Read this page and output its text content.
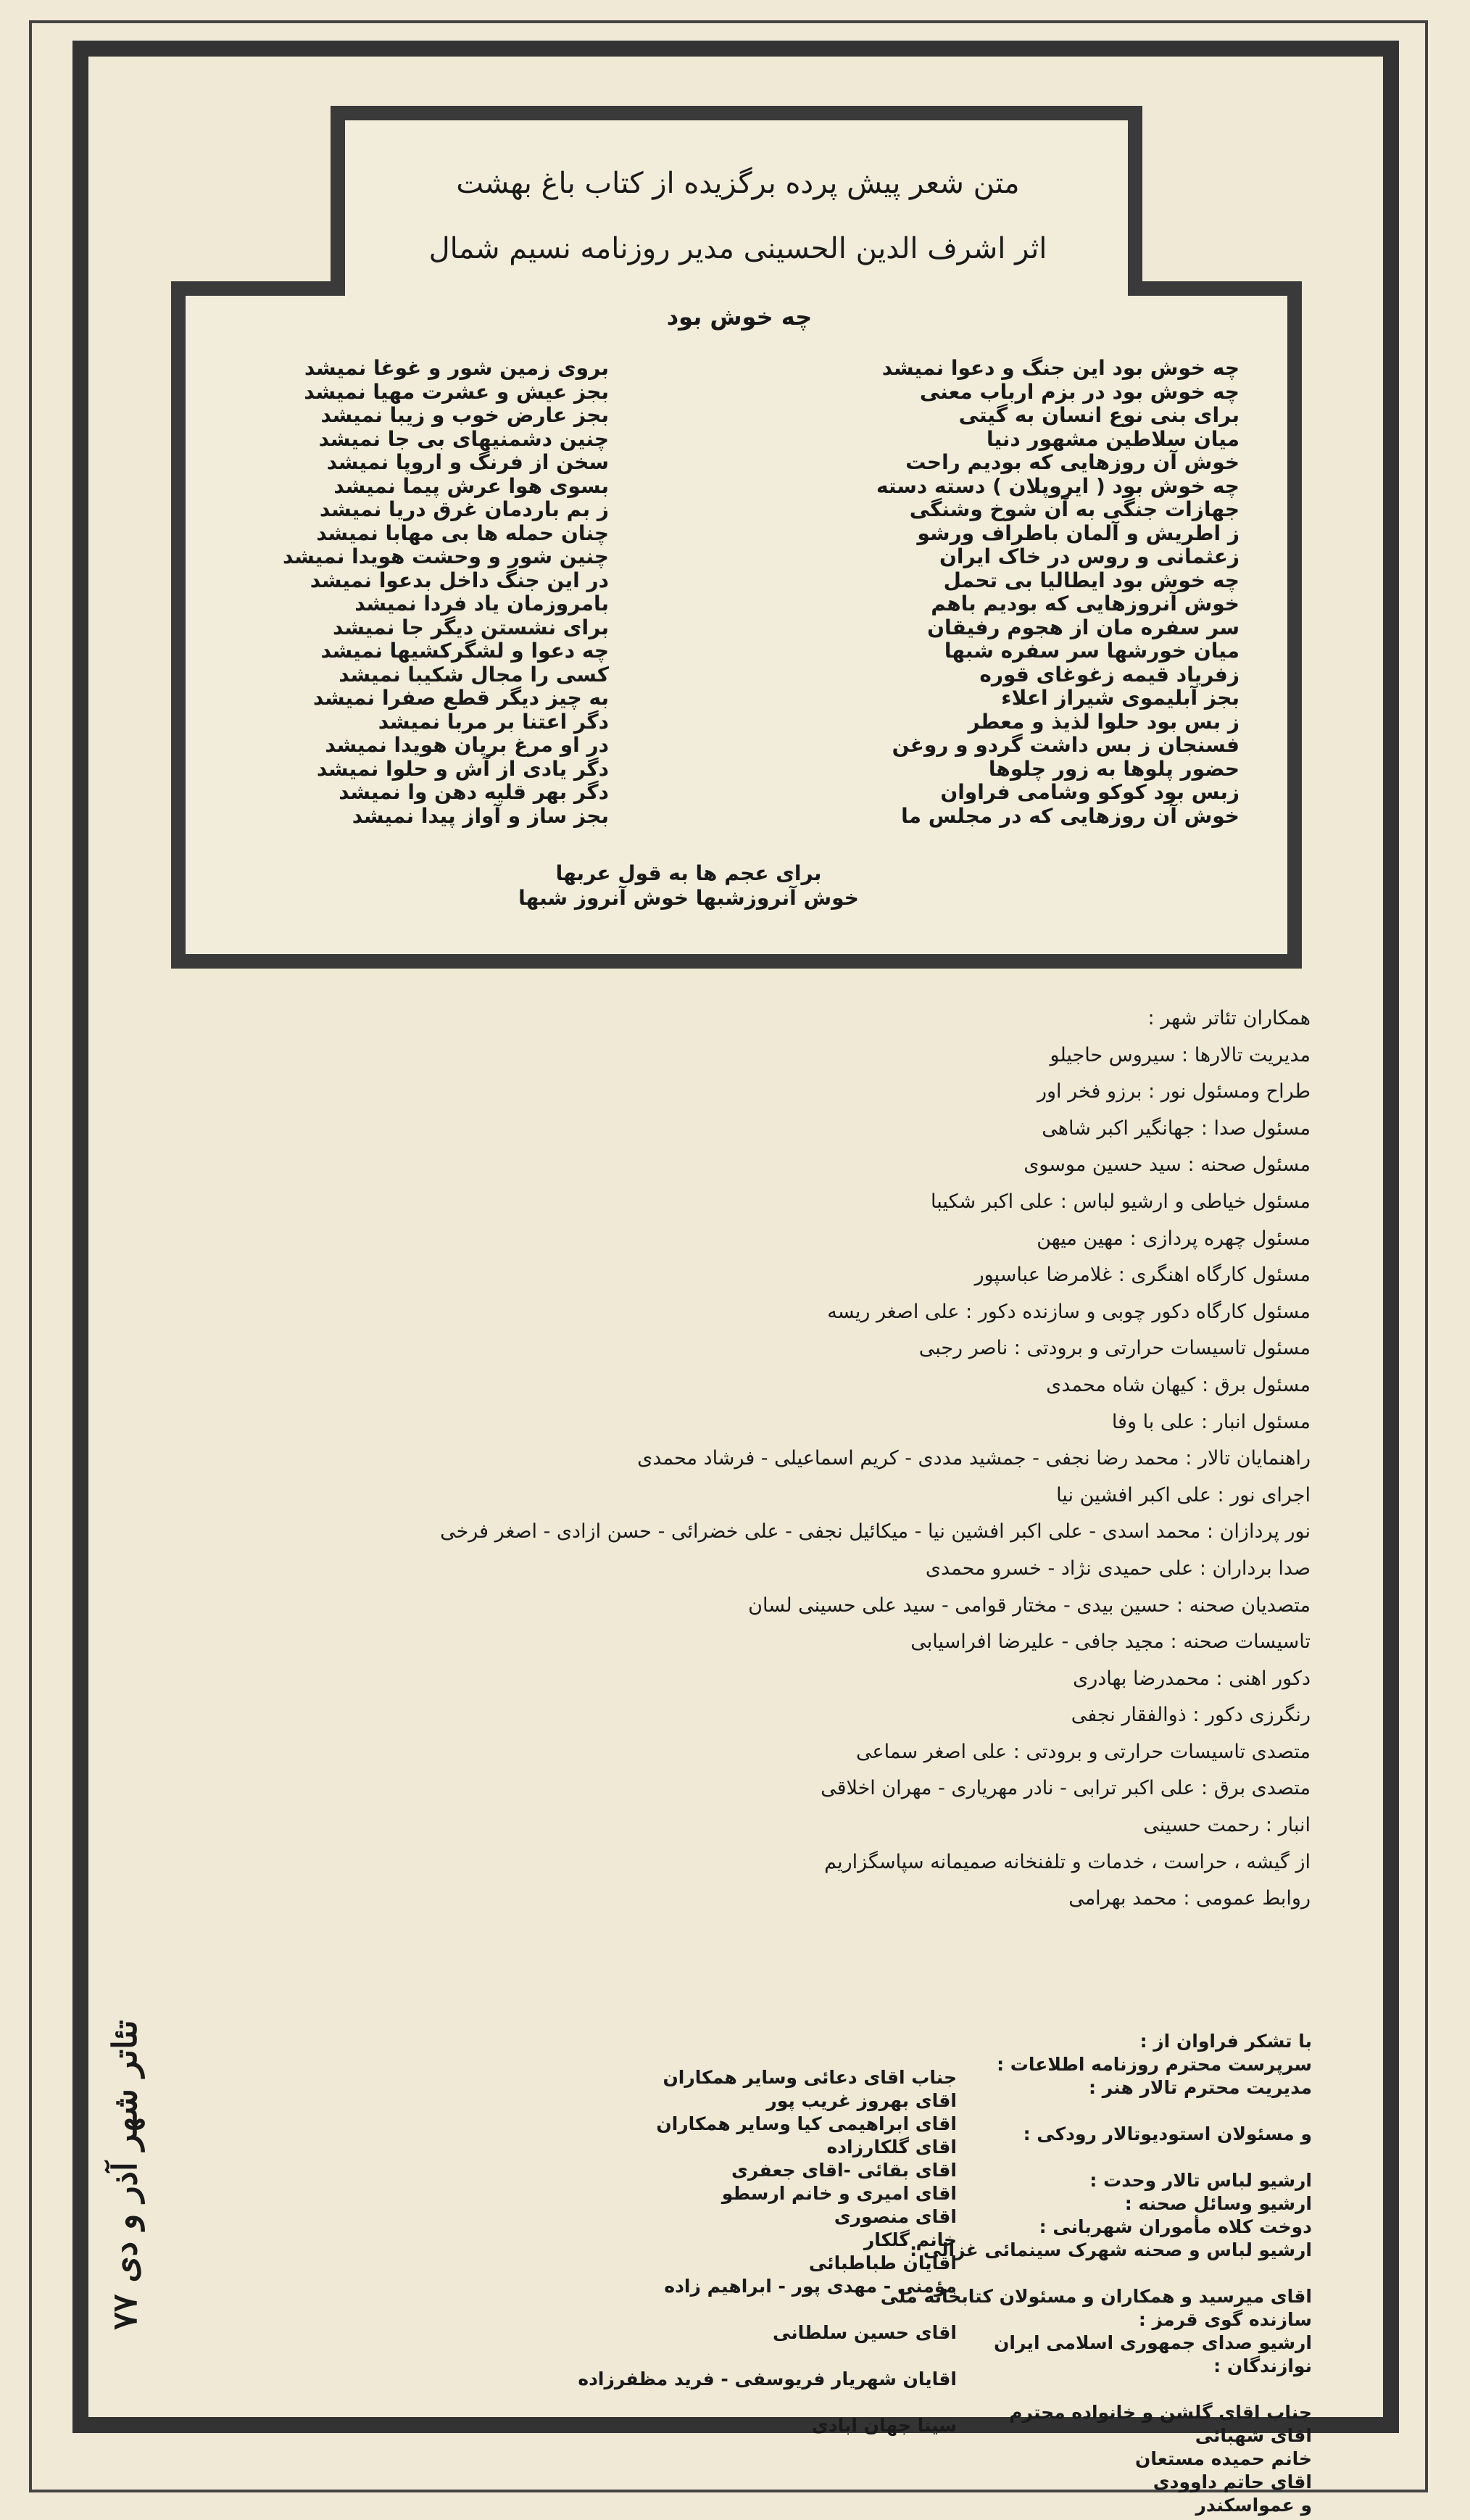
متن شعر پیش پرده برگزیده از کتاب باغ بهشت
اثر اشرف الدین الحسینی مدیر روزنامه نسیم شمال
چه خوش بود
چه خوش بود این جنگ و دعوا نمیشد
چه خوش بود در بزم ارباب معنی
برای بنی نوع انسان به گیتی
میان سلاطین مشهور دنیا
خوش آن روزهایی که بودیم راحت
چه خوش بود ( ایروپلان ) دسته دسته
جهازات جنگی به آن شوخ وشنگی
ز اطریش و آلمان باطراف ورشو
زعثمانی و روس در خاک ایران
چه خوش بود ایطالیا بی تحمل
خوش آنروزهایی که بودیم باهم
سر سفره مان از هجوم رفیقان
میان خورشها سر سفره شبها
زفریاد قیمه زغوغای قوره
بجز آبلیموی شیراز اعلاء
ز بس بود حلوا لذیذ و معطر
فسنجان ز بس داشت گردو و روغن
حضور پلوها به زور چلوها
زبس بود کوکو وشامی فراوان
خوش آن روزهایی که در مجلس ما
بروی زمین شور و غوغا نمیشد
بجز عیش و عشرت مهیا نمیشد
بجز عارض خوب و زیبا نمیشد
چنین دشمنیهای بی جا نمیشد
سخن از فرنگ و اروپا نمیشد
بسوی هوا عرش پیما نمیشد
ز بم باردمان غرق دریا نمیشد
چنان حمله ها بی مهابا نمیشد
چنین شور و وحشت هویدا نمیشد
در این جنگ داخل بدعوا نمیشد
بامروزمان یاد فردا نمیشد
برای نشستن دیگر جا نمیشد
چه دعوا و لشگرکشیها نمیشد
کسی را مجال شکیبا نمیشد
به چیز دیگر قطع صفرا نمیشد
دگر اعتنا بر مربا نمیشد
در او مرغ بریان هویدا نمیشد
دگر یادی از آش و حلوا نمیشد
دگر بهر قلیه دهن وا نمیشد
بجز ساز و آواز پیدا نمیشد
برای عجم ها به قول عربها
خوش آنروزشبها خوش آنروز شبها
همکاران تئاتر شهر :
مدیریت تالارها : سیروس حاجیلو
طراح ومسئول نور : برزو فخر اور
مسئول صدا : جهانگیر اکبر شاهی
مسئول صحنه : سید حسین موسوی
مسئول خیاطی و ارشیو لباس : علی اکبر شکیبا
مسئول چهره پردازی : مهین میهن
مسئول کارگاه اهنگری : غلامرضا عباسپور
مسئول کارگاه دکور چوبی و سازنده دکور : علی اصغر ریسه
مسئول تاسیسات حرارتی و برودتی : ناصر رجبی
مسئول برق : کیهان شاه محمدی
مسئول انبار : علی با وفا
راهنمایان تالار : محمد رضا نجفی - جمشید مددی - کریم اسماعیلی - فرشاد محمدی
اجرای نور : علی اکبر افشین نیا
نور پردازان : محمد اسدی - علی اکبر افشین نیا - میکائیل نجفی - علی خضرائی - حسن ازادی - اصغر فرخی
صدا برداران : علی حمیدی نژاد - خسرو محمدی
متصدیان صحنه : حسین بیدی - مختار قوامی - سید علی حسینی لسان
تاسیسات صحنه : مجید جافی - علیرضا افراسیابی
دکور اهنی : محمدرضا بهادری
رنگرزی دکور : ذوالفقار نجفی
متصدی تاسیسات حرارتی و برودتی : علی اصغر سماعی
متصدی برق : علی اکبر ترابی - نادر مهریاری - مهران اخلاقی
انبار : رحمت حسینی
از گیشه ، حراست ، خدمات و تلفنخانه صمیمانه سپاسگزاریم
روابط عمومی : محمد بهرامی
با تشکر فراوان از :
سرپرست محترم روزنامه اطلاعات :
مدیریت محترم تالار هنر :
و مسئولان استودیوتالار رودکی :
ارشیو لباس تالار وحدت :
ارشیو وسائل صحنه :
دوخت کلاه مأموران شهربانی :
ارشیو لباس و صحنه شهرک سینمائی غزالی :
اقای میرسید و همکاران و مسئولان کتابخانه ملی
سازنده گوی قرمز :
ارشیو صدای جمهوری اسلامی ایران
نوازندگان :
جناب اقای گلشن و خانواده محترم
اقای شهبائی
خانم حمیده مستعان
اقای حاتم داوودی
و عمواسکندر
جناب اقای دعائی وسایر همکاران
اقای بهروز غریب پور
اقای ابراهیمی کیا وسایر همکاران
اقای گلکارزاده
اقای بقائی -اقای جعفری
اقای امیری و خانم ارسطو
اقای منصوری
خانم گلکار
اقایان طباطبائی
مؤمنی - مهدی پور - ابراهیم زاده
اقای حسین سلطانی
اقایان شهریار فریوسفی - فرید مظفرزاده
سینا جهان ابادی
تئاتر شهر آذر و دی ۷۷
